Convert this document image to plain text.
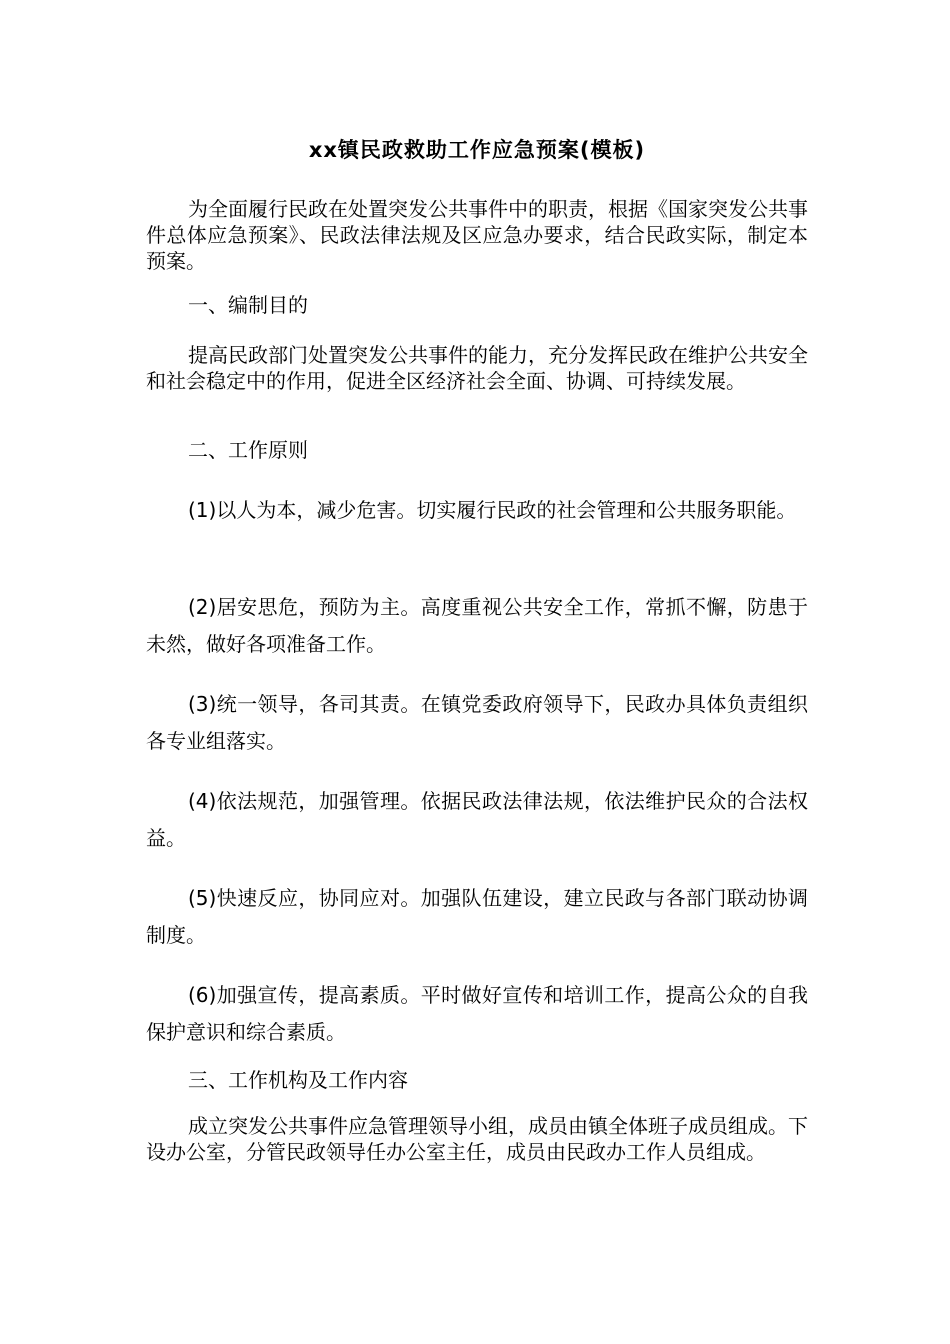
xx镇民政救助工作应急预案(模板)
为全面履行民政在处置突发公共事件中的职责，根据《国家突发公共事件总体应急预案》、民政法律法规及区应急办要求，结合民政实际，制定本预案。
一、编制目的
提高民政部门处置突发公共事件的能力，充分发挥民政在维护公共安全和社会稳定中的作用，促进全区经济社会全面、协调、可持续发展。
二、工作原则
(1)以人为本，减少危害。切实履行民政的社会管理和公共服务职能。
(2)居安思危，预防为主。高度重视公共安全工作，常抓不懈，防患于未然，做好各项准备工作。
(3)统一领导，各司其责。在镇党委政府领导下，民政办具体负责组织各专业组落实。
(4)依法规范，加强管理。依据民政法律法规，依法维护民众的合法权益。
(5)快速反应，协同应对。加强队伍建设，建立民政与各部门联动协调制度。
(6)加强宣传，提高素质。平时做好宣传和培训工作，提高公众的自我保护意识和综合素质。
三、工作机构及工作内容
成立突发公共事件应急管理领导小组，成员由镇全体班子成员组成。下设办公室，分管民政领导任办公室主任，成员由民政办工作人员组成。
